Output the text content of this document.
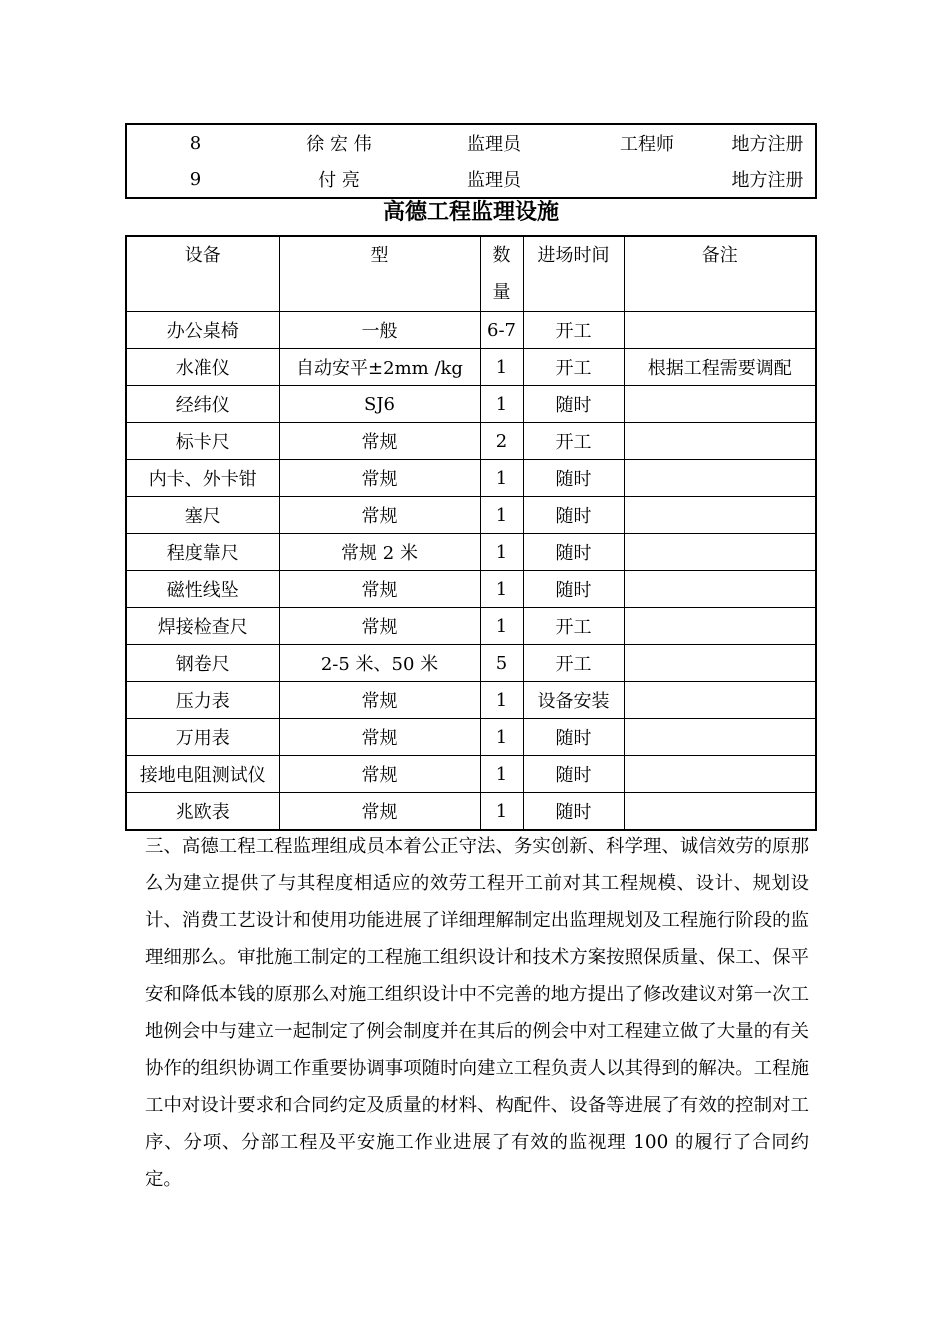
8	徐 宏 伟	监理员	工程师	地方注册
9	付 亮	监理员		地方注册
高德工程监理设施
设备	型	数量	进场时间	备注
办公桌椅	一般	6-7	开工	
水准仪	自动安平±2mm /kg	1	开工	根据工程需要调配
经纬仪	SJ6	1	随时	
标卡尺	常规	2	开工	
内卡、外卡钳	常规	1	随时	
塞尺	常规	1	随时	
程度靠尺	常规 2 米	1	随时	
磁性线坠	常规	1	随时	
焊接检查尺	常规	1	开工	
钢卷尺	2-5 米、50 米	5	开工	
压力表	常规	1	设备安装	
万用表	常规	1	随时	
接地电阻测试仪	常规	1	随时	
兆欧表	常规	1	随时	

三、高德工程工程监理组成员本着公正守法、务实创新、科学理、诚信效劳的原那么为建立提供了与其程度相适应的效劳工程开工前对其工程规模、设计、规划设计、消费工艺设计和使用功能进展了详细理解制定出监理规划及工程施行阶段的监理细那么。审批施工制定的工程施工组织设计和技术方案按照保质量、保工、保平安和降低本钱的原那么对施工组织设计中不完善的地方提出了修改建议对第一次工地例会中与建立一起制定了例会制度并在其后的例会中对工程建立做了大量的有关协作的组织协调工作重要协调事项随时向建立工程负责人以其得到的解决。工程施工中对设计要求和合同约定及质量的材料、构配件、设备等进展了有效的控制对工序、分项、分部工程及平安施工作业进展了有效的监视理 100 的履行了合同约定。
